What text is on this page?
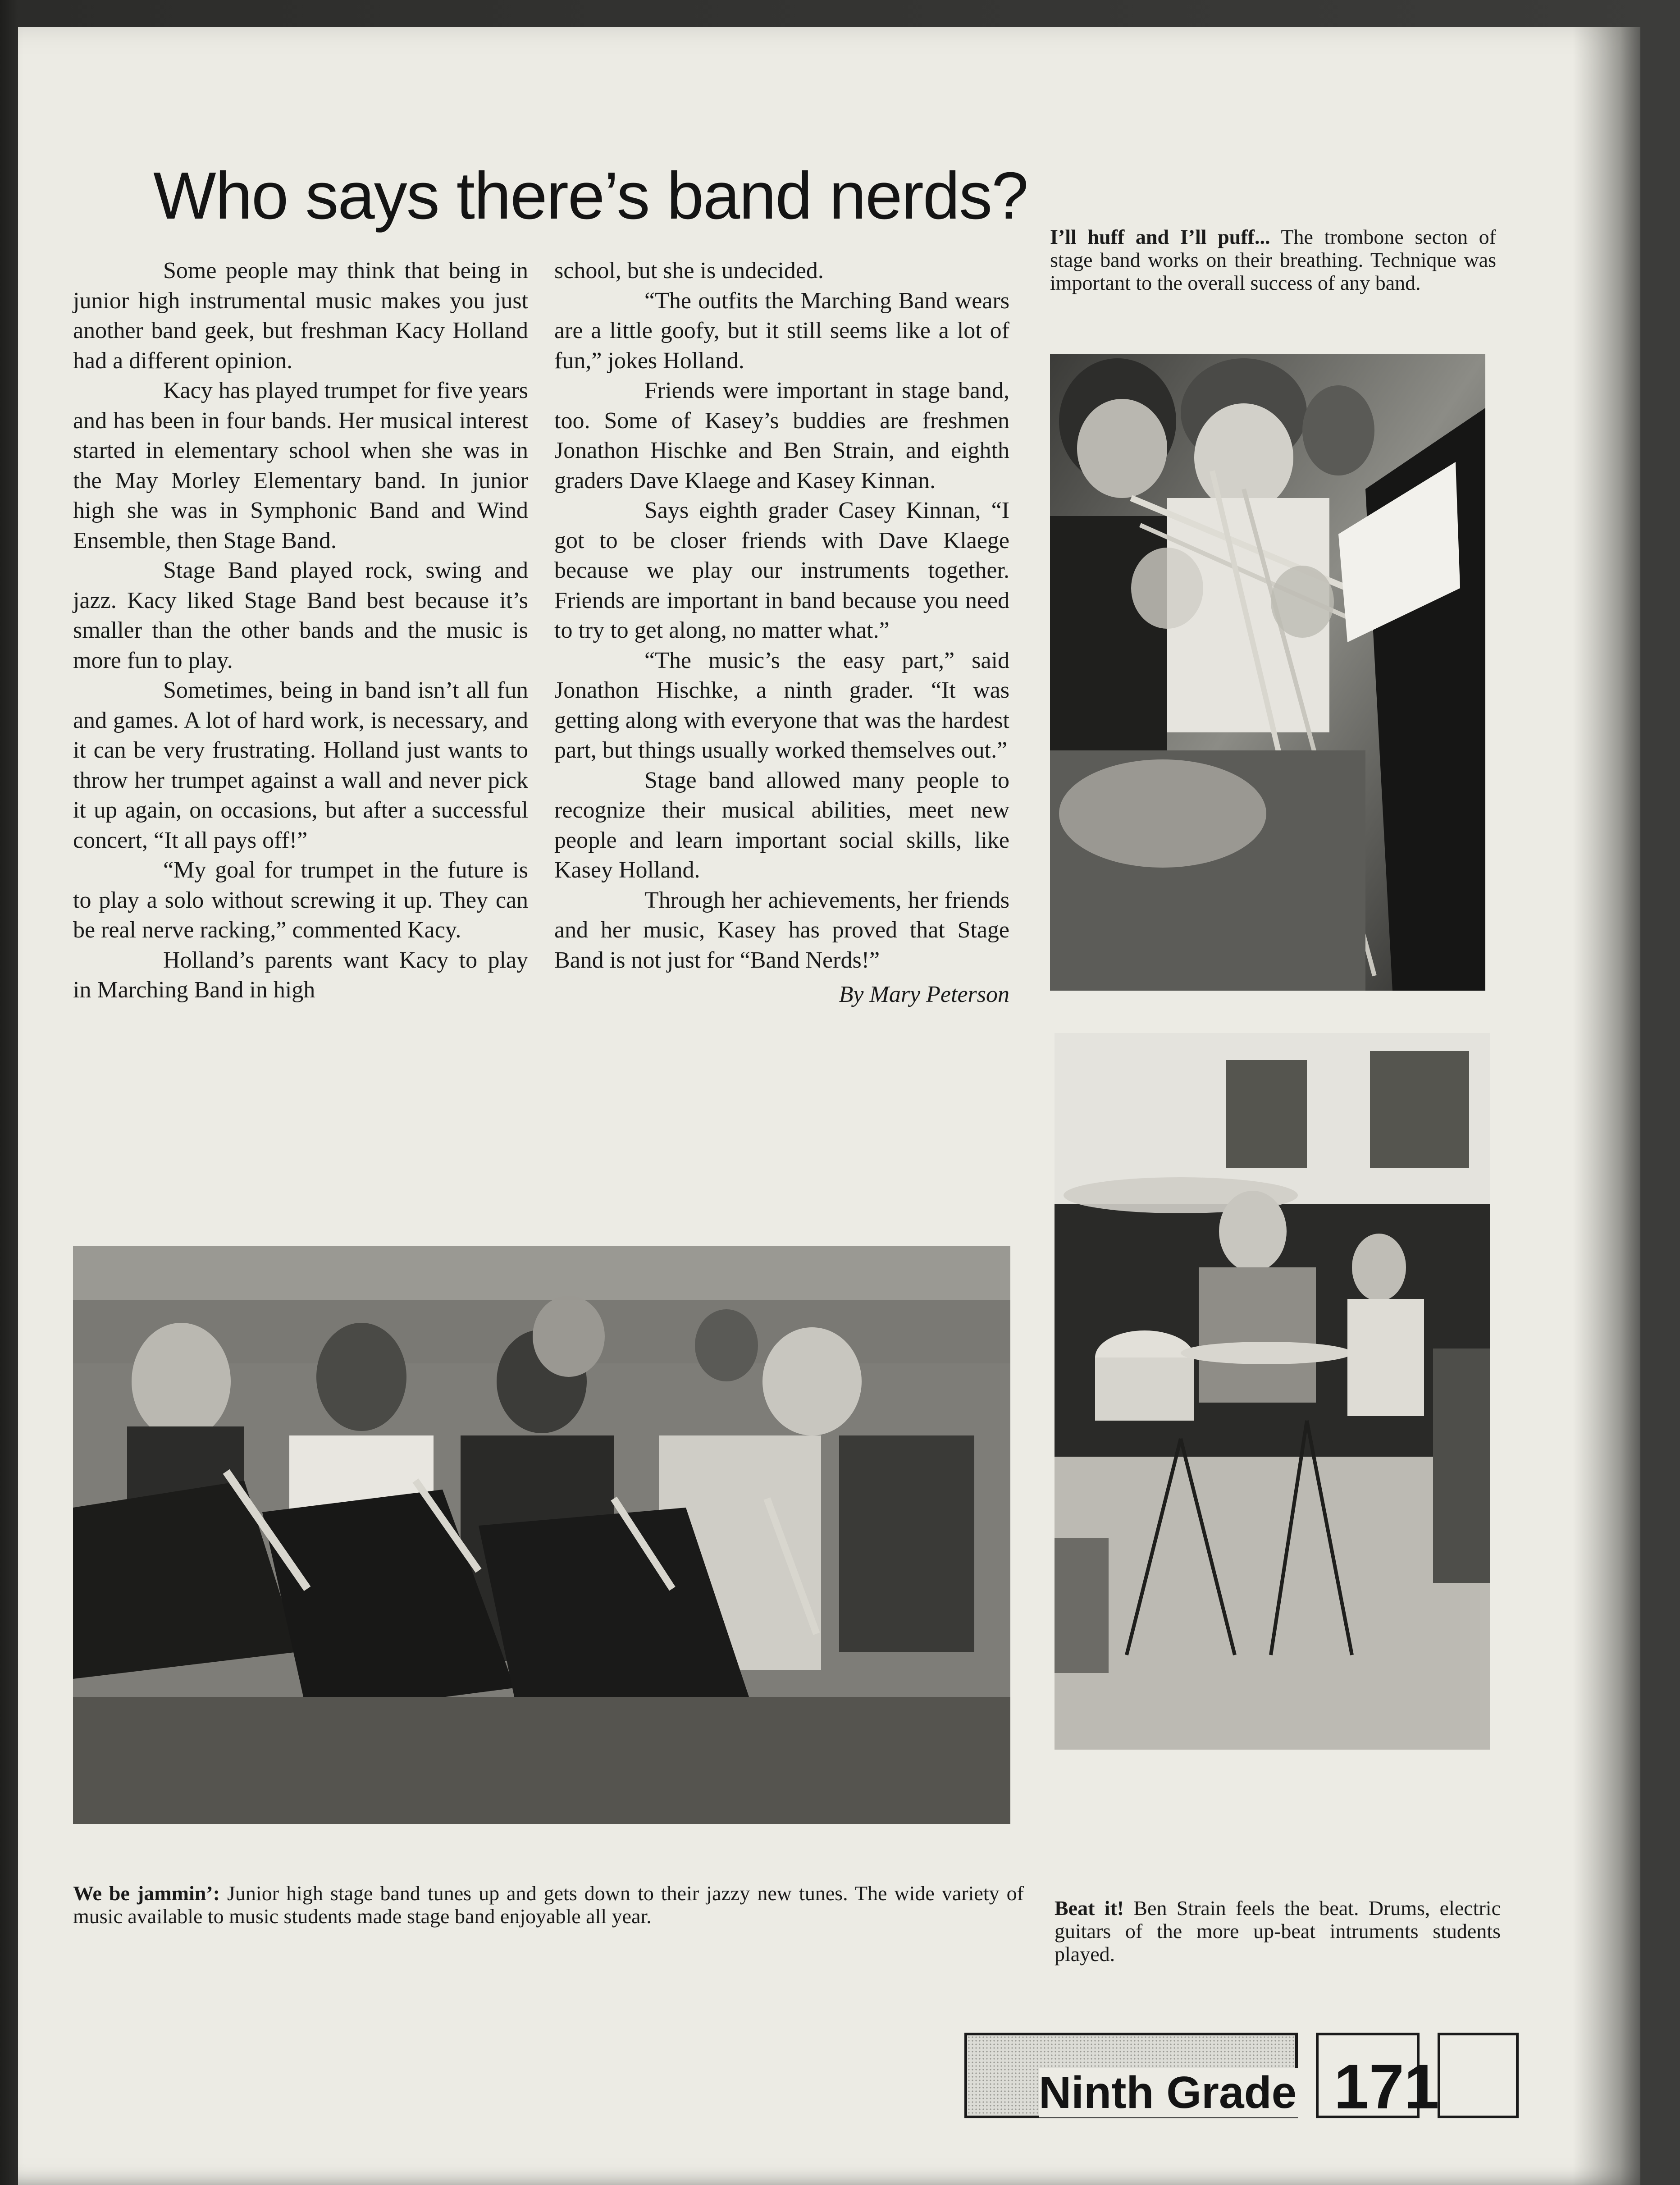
Who says there’s band nerds?

Some people may think that being in junior high instrumental music makes you just another band geek, but freshman Kacy Holland had a different opinion.

Kacy has played trumpet for five years and has been in four bands. Her musical interest started in elementary school when she was in the May Morley Elementary band. In junior high she was in Symphonic Band and Wind Ensemble, then Stage Band.

Stage Band played rock, swing and jazz. Kacy liked Stage Band best because it’s smaller than the other bands and the music is more fun to play.

Sometimes, being in band isn’t all fun and games. A lot of hard work, is necessary, and it can be very frustrating. Holland just wants to throw her trumpet against a wall and never pick it up again, on occasions, but after a successful concert, “It all pays off!”

“My goal for trumpet in the future is to play a solo without screwing it up. They can be real nerve racking,” commented Kacy.

Holland’s parents want Kacy to play in Marching Band in high

school, but she is undecided.

“The outfits the Marching Band wears are a little goofy, but it still seems like a lot of fun,” jokes Holland.

Friends were important in stage band, too. Some of Kasey’s buddies are freshmen Jonathon Hischke and Ben Strain, and eighth graders Dave Klaege and Kasey Kinnan.

Says eighth grader Casey Kinnan, “I got to be closer friends with Dave Klaege because we play our instruments together. Friends are important in band because you need to try to get along, no matter what.”

“The music’s the easy part,” said Jonathon Hischke, a ninth grader. “It was getting along with everyone that was the hardest part, but things usually worked themselves out.”

Stage band allowed many people to recognize their musical abilities, meet new people and learn important social skills, like Kasey Holland.

Through her achievements, her friends and her music, Kasey has proved that Stage Band is not just for “Band Nerds!”

By Mary Peterson

I’ll huff and I’ll puff... The trombone secton of stage band works on their breathing. Technique was important to the overall success of any band.

We be jammin’: Junior high stage band tunes up and gets down to their jazzy new tunes. The wide variety of music available to music students made stage band enjoyable all year.	Beat it! Ben Strain feels the beat. Drums, electric guitars of the more up-beat intruments students played.

Ninth Grade 171
